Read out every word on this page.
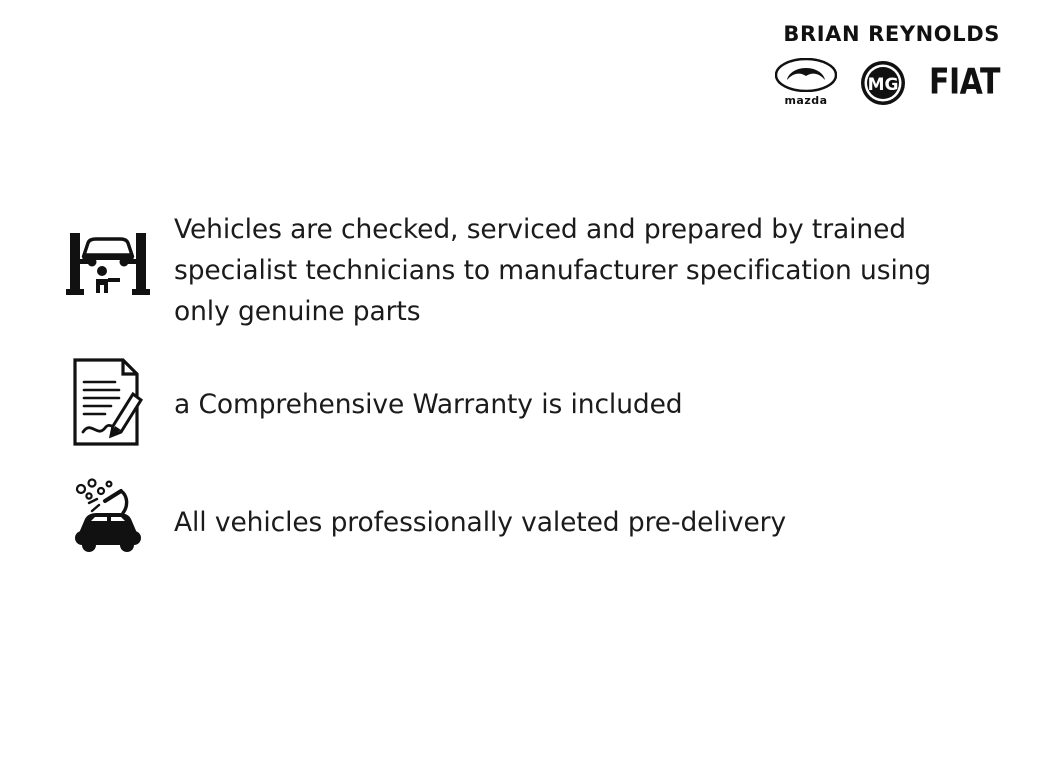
BRIAN REYNOLDS
mazda
MG FIAT
Vehicles are checked, serviced and prepared by trained specialist technicians to manufacturer specification using only genuine parts
a Comprehensive Warranty is included
All vehicles professionally valeted pre-delivery
